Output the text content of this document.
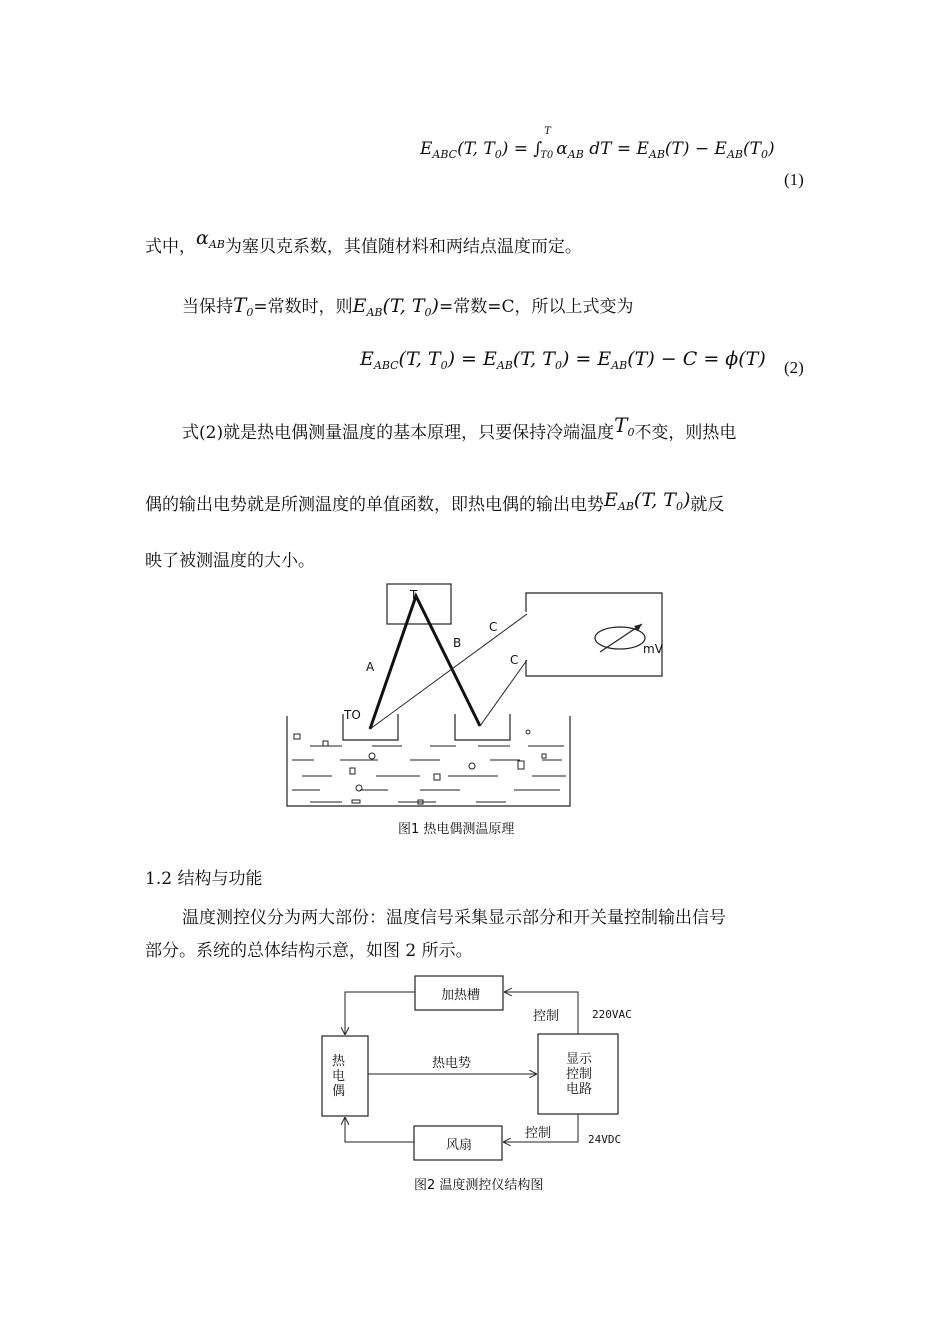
$E_{ABC}(T$, $T_0$) = ∫
T
T0 $\alpha_{AB}$ dT = $E_{AB}(T) - E_{AB}(T_0)$
(1)
式中，$\alpha_{AB}$为塞贝克系数，其值随材料和两结点温度而定。
当保持$T_0=$常数时，则$E_{AB}(T$, $T_0)=$常数=C，所以上式变为
$E_{ABC}(T$, $T_0) = E_{AB}(T$, $T_0) = E_{AB}(T) - C = \phi(T)$ (2)
式(2)就是热电偶测量温度的基本原理，只要保持冷端温度$T_0$不变，则热电
偶的输出电势就是所测温度的单值函数，即热电偶的输出电势$E_{AB}(T$, $T_0$)就反
映了被测温度的大小。
T
A
B
C
C
TO
mV
图1 热电偶测温原理
1.2 结构与功能
温度测控仪分为两大部份：温度信号采集显示部分和开关量控制输出信号
部分。系统的总体结构示意，如图 2 所示。
加热槽
热
电
偶
显示
控制
电路
风扇
热电势
控制
控制
220VAC
24VDC
图2 温度测控仪结构图
